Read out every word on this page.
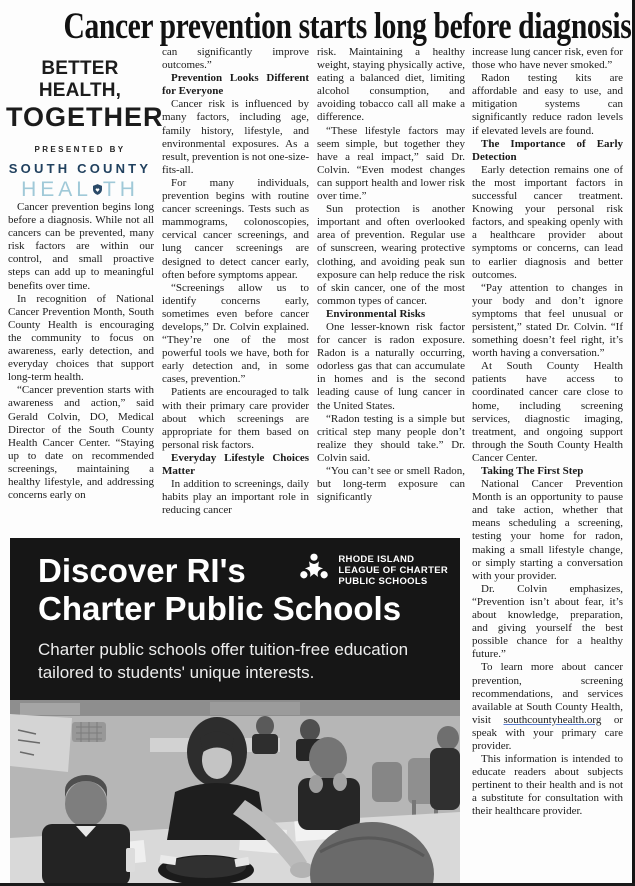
Cancer prevention starts long before diagnosis
BETTER HEALTH,
TOGETHER
PRESENTED BY
SOUTH COUNTY
HEAL TH

Cancer prevention begins long before a diagnosis. While not all cancers can be prevented, many risk factors are within our control, and small proactive steps can add up to meaningful benefits over time.

In recognition of National Cancer Prevention Month, South County Health is encouraging the community to focus on awareness, early detection, and everyday choices that support long-term health.

“Cancer prevention starts with awareness and action,” said Gerald Colvin, DO, Medical Director of the South County Health Cancer Center. “Staying up to date on recommended screenings, maintaining a healthy lifestyle, and addressing concerns early on

can significantly improve outcomes.”

Prevention Looks Different for Everyone

Cancer risk is influenced by many factors, including age, family history, lifestyle, and environmental exposures. As a result, prevention is not one-size-fits-all.

For many individuals, prevention begins with routine cancer screenings. Tests such as mammograms, colonoscopies, cervical cancer screenings, and lung cancer screenings are designed to detect cancer early, often before symptoms appear.

“Screenings allow us to identify concerns early, sometimes even before cancer develops,” Dr. Colvin explained. “They’re one of the most powerful tools we have, both for early detection and, in some cases, prevention.”

Patients are encouraged to talk with their primary care provider about which screenings are appropriate for them based on personal risk factors.

Everyday Lifestyle Choices Matter

In addition to screenings, daily habits play an important role in reducing cancer

risk. Maintaining a healthy weight, staying physically active, eating a balanced diet, limiting alcohol consumption, and avoiding tobacco call all make a difference.

“These lifestyle factors may seem simple, but together they have a real impact,” said Dr. Colvin. “Even modest changes can support health and lower risk over time.”

Sun protection is another important and often overlooked area of prevention. Regular use of sunscreen, wearing protective clothing, and avoiding peak sun exposure can help reduce the risk of skin cancer, one of the most common types of cancer.

Environmental Risks

One lesser-known risk factor for cancer is radon exposure. Radon is a naturally occurring, odorless gas that can accumulate in homes and is the second leading cause of lung cancer in the United States.

“Radon testing is a simple but critical step many people don’t realize they should take.” Dr. Colvin said.

“You can’t see or smell Radon, but long-term exposure can significantly

increase lung cancer risk, even for those who have never smoked.”

Radon testing kits are affordable and easy to use, and mitigation systems can significantly reduce radon levels if elevated levels are found.

The Importance of Early Detection

Early detection remains one of the most important factors in successful cancer treatment. Knowing your personal risk factors, and speaking openly with a healthcare provider about symptoms or concerns, can lead to earlier diagnosis and better outcomes.

“Pay attention to changes in your body and don’t ignore symptoms that feel unusual or persistent,” stated Dr. Colvin. “If something doesn’t feel right, it’s worth having a conversation.”

At South County Health patients have access to coordinated cancer care close to home, including screening services, diagnostic imaging, treatment, and ongoing support through the South County Health Cancer Center.

Taking The First Step

National Cancer Prevention Month is an opportunity to pause and take action, whether that means scheduling a screening, testing your home for radon, making a small lifestyle change, or simply starting a conversation with your provider.

Dr. Colvin emphasizes, “Prevention isn’t about fear, it’s about knowledge, preparation, and giving yourself the best possible chance for a healthy future.”

To learn more about cancer prevention, screening recommendations, and services available at South County Health, visit southcountyhealth.org or speak with your primary care provider.

This information is intended to educate readers about subjects pertinent to their health and is not a substitute for consultation with their healthcare provider.

Discover RI's
Charter Public Schools
Charter public schools offer tuition-free education tailored to students' unique interests.
RHODE ISLAND
LEAGUE OF CHARTER
PUBLIC SCHOOLS
